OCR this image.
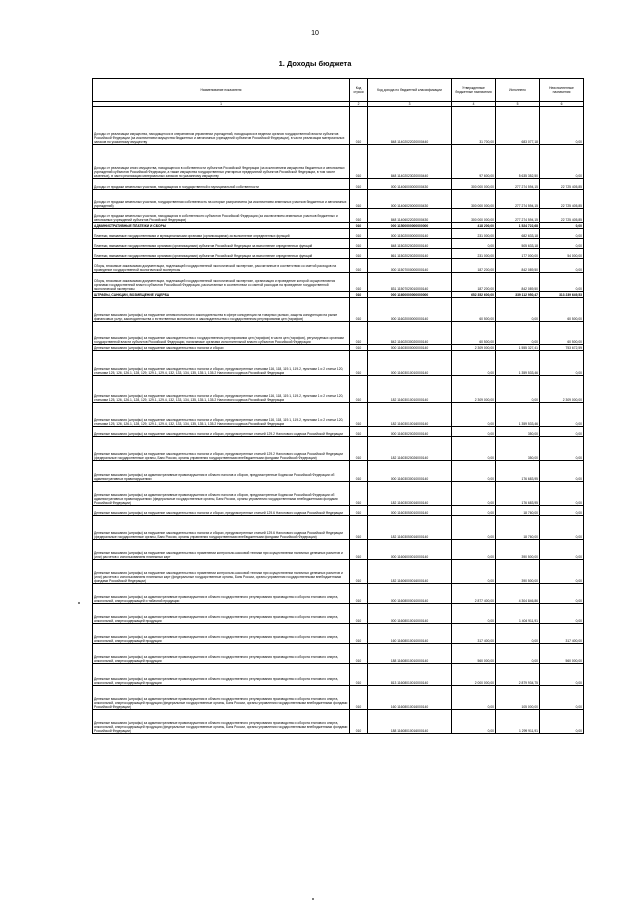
10
1. Доходы бюджета
Наименование показателя	Код строки	Код дохода по бюджетной классификации	Утвержденные бюджетные назначения	Исполнено	Неисполненные назначения
1	2	3	4	5	6
Доходы от реализации имущества, находящегося в оперативном управлении учреждений, находящихся в ведении органов государственной власти субъектов Российской Федерации (за исключением имущества бюджетных и автономных учреждений субъектов Российской Федерации), в части реализации материальных запасов по указанному имуществу	010	848 11402022020000440	31 700,00	683 077,18	0,00
Доходы от реализации иного имущества, находящегося в собственности субъектов Российской Федерации (за исключением имущества бюджетных и автономных учреждений субъектов Российской Федерации, а также имущества государственных унитарных предприятий субъектов Российской Федерации, в том числе казенных), в части реализации материальных запасов по указанному имуществу	010	848 11402023020000440	97 600,00	5 635 352,50	0,00
Доходы от продажи земельных участков, находящихся в государственной и муниципальной собственности	010	000 11406000000000430	300 000 000,00	277 274 594,15	22 725 405,85
Доходы от продажи земельных участков, государственная собственность на которые разграничена (за исключением земельных участков бюджетных и автономных учреждений)	010	000 11406020000000430	300 000 000,00	277 274 594,15	22 725 405,85
Доходы от продажи земельных участков, находящихся в собственности субъектов Российской Федерации (за исключением земельных участков бюджетных и автономных учреждений субъектов Российской Федерации)	010	848 11406022020000430	300 000 000,00	277 274 594,15	22 725 405,85
АДМИНИСТРАТИВНЫЕ ПЛАТЕЖИ И СБОРЫ	010	000 11500000000000000	418 200,00	1 524 722,68	0,00
Платежи, взимаемые государственными и муниципальными органами (организациями) за выполнение определенных функций	010	000 11502000000000140	231 000,00	682 633,18	0,00
Платежи, взимаемые государственными органами (организациями) субъектов Российской Федерации за выполнение определенных функций	010	848 11502020020000140	0,00	505 633,18	0,00
Платежи, взимаемые государственными органами (организациями) субъектов Российской Федерации за выполнение определенных функций	010	861 11502020020000140	231 000,00	177 000,00	54 000,00
Сборы, вносимые заказчиками документации, подлежащей государственной экологической экспертизе, рассчитанные в соответствии со сметой расходов на проведение государственной экологической экспертизы	010	000 11507000000000140	187 200,00	842 089,50	0,00
Сборы, вносимые заказчиками документации, подлежащей государственной экологической экспертизе, организация и проведение которой осуществляются органами государственной власти субъектов Российской Федерации, рассчитанные в соответствии со сметой расходов на проведение государственной экологической экспертизы	010	831 11507020010000140	187 200,00	842 089,50	0,00
ШТРАФЫ, САНКЦИИ, ВОЗМЕЩЕНИЕ УЩЕРБА	010	000 11600000000000000	652 352 600,00	339 112 950,47	313 239 649,53
Денежные взыскания (штрафы) за нарушение антимонопольного законодательства в сфере конкуренции на товарных рынках, защиты конкуренции на рынке финансовых услуг, законодательства о естественных монополиях и законодательства о государственном регулировании цен (тарифов)	010	000 11602000000000140	60 500,00	0,00	60 500,00
Денежные взыскания (штрафы) за нарушение законодательства о государственном регулировании цен (тарифов) в части цен (тарифов), регулируемых органами государственной власти субъектов Российской Федерации, налагаемые органами исполнительной власти субъектов Российской Федерации	010	842 11602030020000140	60 500,00	0,00	60 500,00
Денежные взыскания (штрафы) за нарушение законодательства о налогах и сборах	010	000 11603000000000140	2 309 000,00	1 555 327,41	753 672,59
Денежные взыскания (штрафы) за нарушение законодательства о налогах и сборах, предусмотренные статьями 116, 118, 119.1, 119.2, пунктами 1 и 2 статьи 120, статьями 125, 126, 126.1, 128, 129, 129.1, 129.4, 132, 133, 134, 135, 135.1, 135.2 Налогового кодекса Российской Федерации	010	000 11603010010000140	0,00	1 359 533,46	0,00
Денежные взыскания (штрафы) за нарушение законодательства о налогах и сборах, предусмотренные статьями 116, 118, 119.1, 119.2, пунктами 1 и 2 статьи 120, статьями 125, 126, 126.1, 128, 129, 129.1, 129.4, 132, 133, 134, 135, 135.1, 135.2 Налогового кодекса Российской Федерации	010	182 11603010010000140	2 309 000,00	0,00	2 309 000,00
Денежные взыскания (штрафы) за нарушение законодательства о налогах и сборах, предусмотренные статьями 116, 118, 119.1, 119.2, пунктами 1 и 2 статьи 120, статьями 125, 126, 126.1, 128, 129, 129.1, 129.4, 132, 133, 134, 135, 135.1, 135.2 Налогового кодекса Российской Федерации	010	182 11603010016000140	0,00	1 359 533,46	0,00
Денежные взыскания (штрафы) за нарушение законодательства о налогах и сборах, предусмотренные статьей 129.2 Налогового кодекса Российской Федерации	010	000 11603020020000140	0,00	350,00	0,00
Денежные взыскания (штрафы) за нарушение законодательства о налогах и сборах, предусмотренные статьей 129.2 Налогового кодекса Российской Федерации (федеральные государственные органы, Банк России, органы управления государственными внебюджетными фондами Российской Федерации)	010	182 11603020026000140	0,00	350,00	0,00
Денежные взыскания (штрафы) за административные правонарушения в области налогов и сборов, предусмотренные Кодексом Российской Федерации об административных правонарушениях	010	000 11603030010000140	0,00	176 683,95	0,00
Денежные взыскания (штрафы) за административные правонарушения в области налогов и сборов, предусмотренные Кодексом Российской Федерации об административных правонарушениях (федеральные государственные органы, Банк России, органы управления государственными внебюджетными фондами Российской Федерации)	010	182 11603030016000140	0,00	176 683,95	0,00
Денежные взыскания (штрафы) за нарушение законодательства о налогах и сборах, предусмотренные статьей 129.6 Налогового кодекса Российской Федерации	010	000 11603050010000140	0,00	18 760,00	0,00
Денежные взыскания (штрафы) за нарушение законодательства о налогах и сборах, предусмотренные статьей 129.6 Налогового кодекса Российской Федерации (федеральные государственные органы, Банк России, органы управления государственными внебюджетными фондами Российской Федерации)	010	182 11603050016000140	0,00	18 760,00	0,00
Денежные взыскания (штрафы) за нарушение законодательства о применении контрольно-кассовой техники при осуществлении наличных денежных расчетов и (или) расчетов с использованием платежных карт	010	000 11606000010000140	0,00	390 500,00	0,00
Денежные взыскания (штрафы) за нарушение законодательства о применении контрольно-кассовой техники при осуществлении наличных денежных расчетов и (или) расчетов с использованием платежных карт (федеральные государственные органы, Банк России, органы управления государственными внебюджетными фондами Российской Федерации)	010	182 11606000016000140	0,00	390 500,00	0,00
Денежные взыскания (штрафы) за административные правонарушения в области государственного регулирования производства и оборота этилового спирта, алкогольной, спиртосодержащей и табачной продукции	010	000 11608000010000140	2 877 400,00	4 304 846,86	0,00
Денежные взыскания (штрафы) за административные правонарушения в области государственного регулирования производства и оборота этилового спирта, алкогольной, спиртосодержащей продукции	010	000 11608010010000140	0,00	1 404 911,91	0,00
Денежные взыскания (штрафы) за административные правонарушения в области государственного регулирования производства и оборота этилового спирта, алкогольной, спиртосодержащей продукции	010	160 11608010010000140	317 400,00	0,00	317 400,00
Денежные взыскания (штрафы) за административные правонарушения в области государственного регулирования производства и оборота этилового спирта, алкогольной, спиртосодержащей продукции	010	188 11608010010000140	560 000,00	0,00	560 000,00
Денежные взыскания (штрафы) за административные правонарушения в области государственного регулирования производства и оборота этилового спирта, алкогольной, спиртосодержащей продукции	010	813 11608010010000140	2 000 000,00	2 879 934,75	0,00
Денежные взыскания (штрафы) за административные правонарушения в области государственного регулирования производства и оборота этилового спирта, алкогольной, спиртосодержащей продукции (федеральные государственные органы, Банк России, органы управления государственными внебюджетными фондами Российской Федерации)	010	160 11608010016000140	0,00	105 000,00	0,00
Денежные взыскания (штрафы) за административные правонарушения в области государственного регулирования производства и оборота этилового спирта, алкогольной, спиртосодержащей продукции (федеральные государственные органы, Банк России, органы управления государственными внебюджетными фондами Российской Федерации)	010	188 11608010016000140	0,00	1 299 911,91	0,00
